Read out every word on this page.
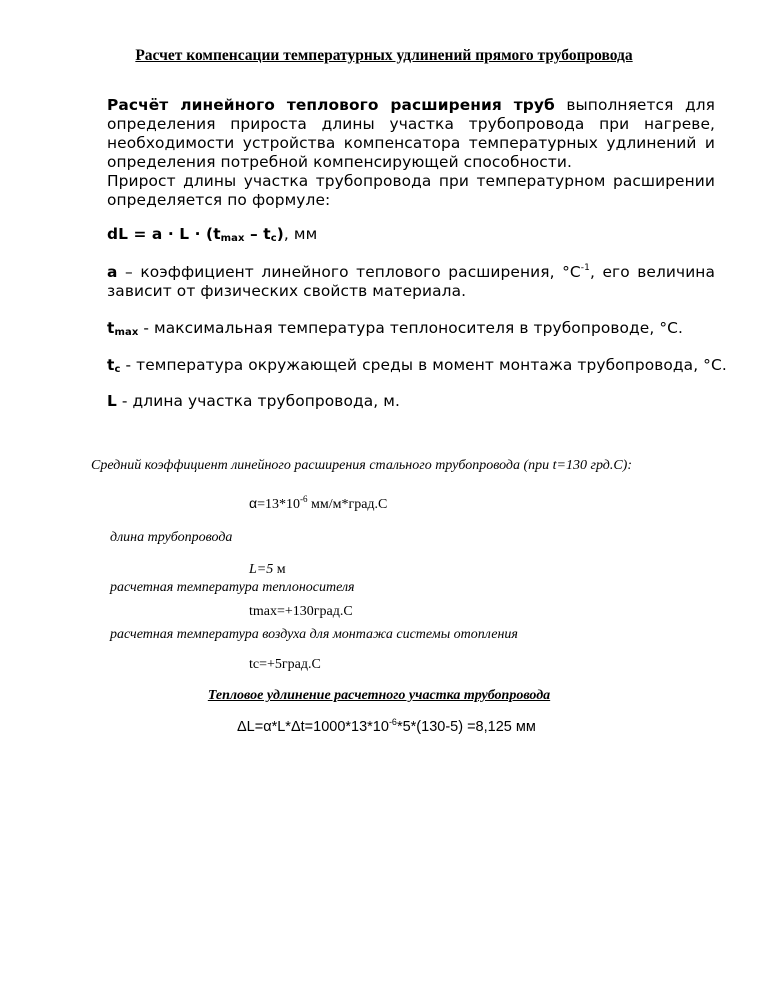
Расчет компенсации температурных удлинений прямого трубопровода
Расчёт линейного теплового расширения труб выполняется для
определения прироста длины участка трубопровода при нагреве,
необходимости устройства компенсатора температурных удлинений и
определения потребной компенсирующей способности.
Прирост длины участка трубопровода при температурном расширении
определяется по формуле:
dL = $a \cdot L \cdot (t_{max} - t_c)$, мм
a – коэффициент линейного теплового расширения, $^\circ C^{-1}$, его величина
зависит от физических свойств материала.
$t_{max}$ - максимальная температура теплоносителя в трубопроводе, °C.
$t_c$ - температура окружающей среды в момент монтажа трубопровода, °C.
L - длина участка трубопровода, м.
Средний коэффициент линейного расширения стального трубопровода (при t=130 грд.С):
$\alpha=13*10^{-6}$ мм/м*град.С
длина трубопровода
L=5 м
расчетная температура теплоносителя
tmax=+130град.С
расчетная температура воздуха для монтажа системы отопления
tc=+5град.С
Тепловое удлинение расчетного участка трубопровода
$\Delta L=\alpha*L*\Delta t=1000*13*10^{-6}*5*(130-5) =8,125$ мм
